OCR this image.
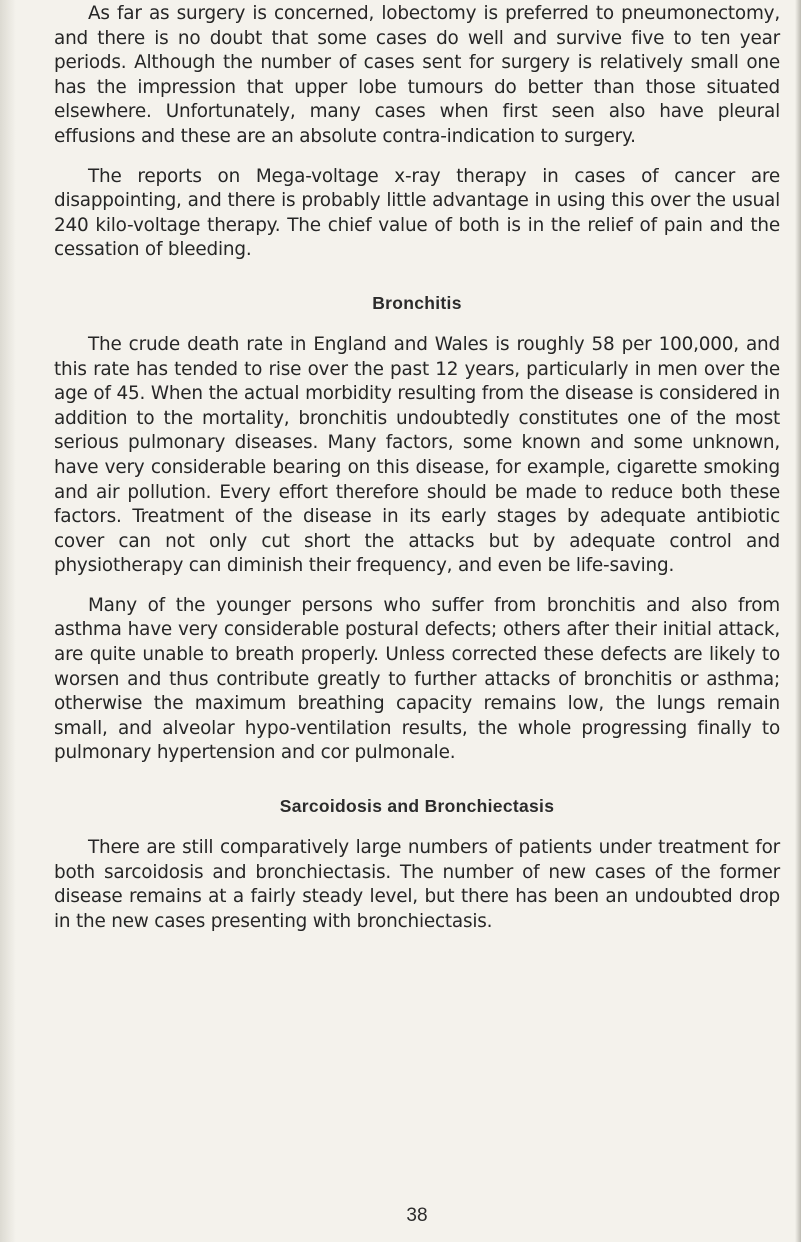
As far as surgery is concerned, lobectomy is preferred to pneumonectomy, and there is no doubt that some cases do well and survive five to ten year periods. Although the number of cases sent for surgery is relatively small one has the impression that upper lobe tumours do better than those situated elsewhere. Unfortunately, many cases when first seen also have pleural effusions and these are an absolute contra-indication to surgery.

The reports on Mega-voltage x-ray therapy in cases of cancer are disappointing, and there is probably little advantage in using this over the usual 240 kilo-voltage therapy. The chief value of both is in the relief of pain and the cessation of bleeding.

Bronchitis

The crude death rate in England and Wales is roughly 58 per 100,000, and this rate has tended to rise over the past 12 years, particularly in men over the age of 45. When the actual morbidity resulting from the disease is considered in addition to the mortality, bronchitis undoubtedly constitutes one of the most serious pulmonary diseases. Many factors, some known and some unknown, have very considerable bearing on this disease, for example, cigarette smoking and air pollution. Every effort therefore should be made to reduce both these factors. Treatment of the disease in its early stages by adequate antibiotic cover can not only cut short the attacks but by adequate control and physiotherapy can diminish their frequency, and even be life-saving.

Many of the younger persons who suffer from bronchitis and also from asthma have very considerable postural defects; others after their initial attack, are quite unable to breath properly. Unless corrected these defects are likely to worsen and thus contribute greatly to further attacks of bronchitis or asthma; otherwise the maximum breathing capacity remains low, the lungs remain small, and alveolar hypo-ventilation results, the whole progressing finally to pulmonary hypertension and cor pulmonale.

Sarcoidosis and Bronchiectasis

There are still comparatively large numbers of patients under treatment for both sarcoidosis and bronchiectasis. The number of new cases of the former disease remains at a fairly steady level, but there has been an undoubted drop in the new cases presenting with bronchiectasis.

38
